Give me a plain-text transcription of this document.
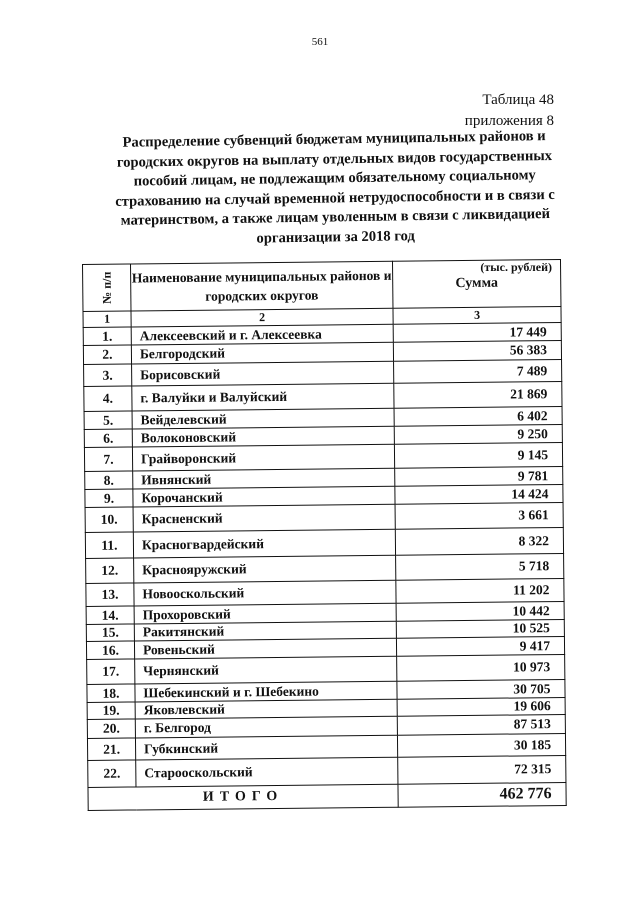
561
Таблица 48
приложения 8
Распределение субвенций бюджетам муниципальных районов и городских округов на выплату отдельных видов государственных пособий лицам, не подлежащим обязательному социальному страхованию на случай временной нетрудоспособности и в связи с материнством, а также лицам уволенным в связи с ликвидацией организации за 2018 год
(тыс. рублей)
№ п/п	Наименование муниципальных районов и городских округов	Сумма
1	2	3
1.	Алексеевский и г. Алексеевка	17 449
2.	Белгородский	56 383
3.	Борисовский	7 489
4.	г. Валуйки и Валуйский	21 869
5.	Вейделевский	6 402
6.	Волоконовский	9 250
7.	Грайворонский	9 145
8.	Ивнянский	9 781
9.	Корочанский	14 424
10.	Красненский	3 661
11.	Красногвардейский	8 322
12.	Краснояружский	5 718
13.	Новооскольский	11 202
14.	Прохоровский	10 442
15.	Ракитянский	10 525
16.	Ровеньский	9 417
17.	Чернянский	10 973
18.	Шебекинский и г. Шебекино	30 705
19.	Яковлевский	19 606
20.	г. Белгород	87 513
21.	Губкинский	30 185
22.	Старооскольский	72 315
ИТОГО		462 776
